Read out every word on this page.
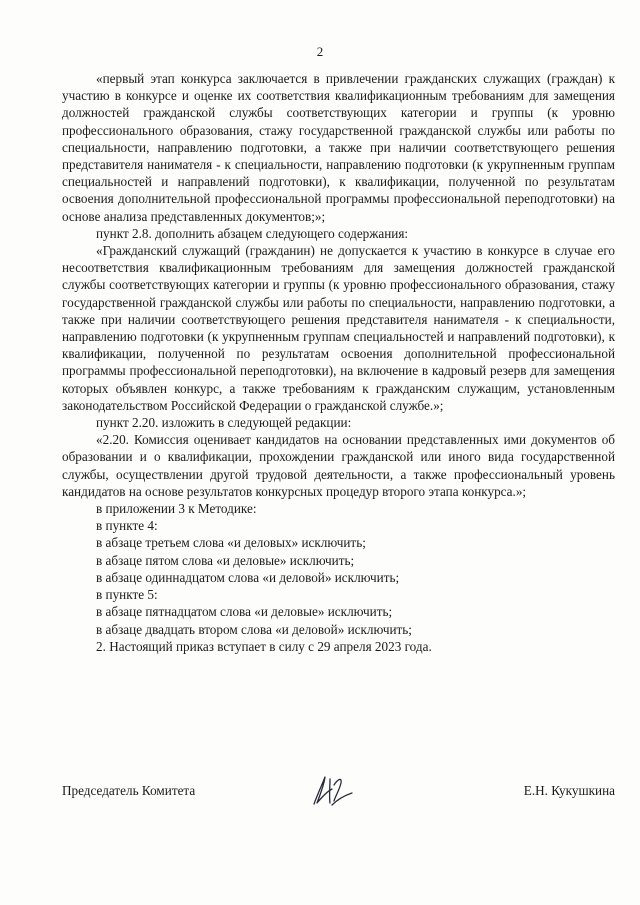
2

«первый этап конкурса заключается в привлечении гражданских служащих (граждан) к участию в конкурсе и оценке их соответствия квалификационным требованиям для замещения должностей гражданской службы соответствующих категории и группы (к уровню профессионального образования, стажу государственной гражданской службы или работы по специальности, направлению подготовки, а также при наличии соответствующего решения представителя нанимателя - к специальности, направлению подготовки (к укрупненным группам специальностей и направлений подготовки), к квалификации, полученной по результатам освоения дополнительной профессиональной программы профессиональной переподготовки) на основе анализа представленных документов;»;

пункт 2.8. дополнить абзацем следующего содержания:

«Гражданский служащий (гражданин) не допускается к участию в конкурсе в случае его несоответствия квалификационным требованиям для замещения должностей гражданской службы соответствующих категории и группы (к уровню профессионального образования, стажу государственной гражданской службы или работы по специальности, направлению подготовки, а также при наличии соответствующего решения представителя нанимателя - к специальности, направлению подготовки (к укрупненным группам специальностей и направлений подготовки), к квалификации, полученной по результатам освоения дополнительной профессиональной программы профессиональной переподготовки), на включение в кадровый резерв для замещения которых объявлен конкурс, а также требованиям к гражданским служащим, установленным законодательством Российской Федерации о гражданской службе.»;

пункт 2.20. изложить в следующей редакции:

«2.20. Комиссия оценивает кандидатов на основании представленных ими документов об образовании и о квалификации, прохождении гражданской или иного вида государственной службы, осуществлении другой трудовой деятельности, а также профессиональный уровень кандидатов на основе результатов конкурсных процедур второго этапа конкурса.»;

в приложении 3 к Методике:

в пункте 4:

в абзаце третьем слова «и деловых» исключить;

в абзаце пятом слова «и деловые» исключить;

в абзаце одиннадцатом слова «и деловой» исключить;

в пункте 5:

в абзаце пятнадцатом слова «и деловые» исключить;

в абзаце двадцать втором слова «и деловой» исключить;

2. Настоящий приказ вступает в силу с 29 апреля 2023 года.

Председатель Комитета	Е.Н. Кукушкина
